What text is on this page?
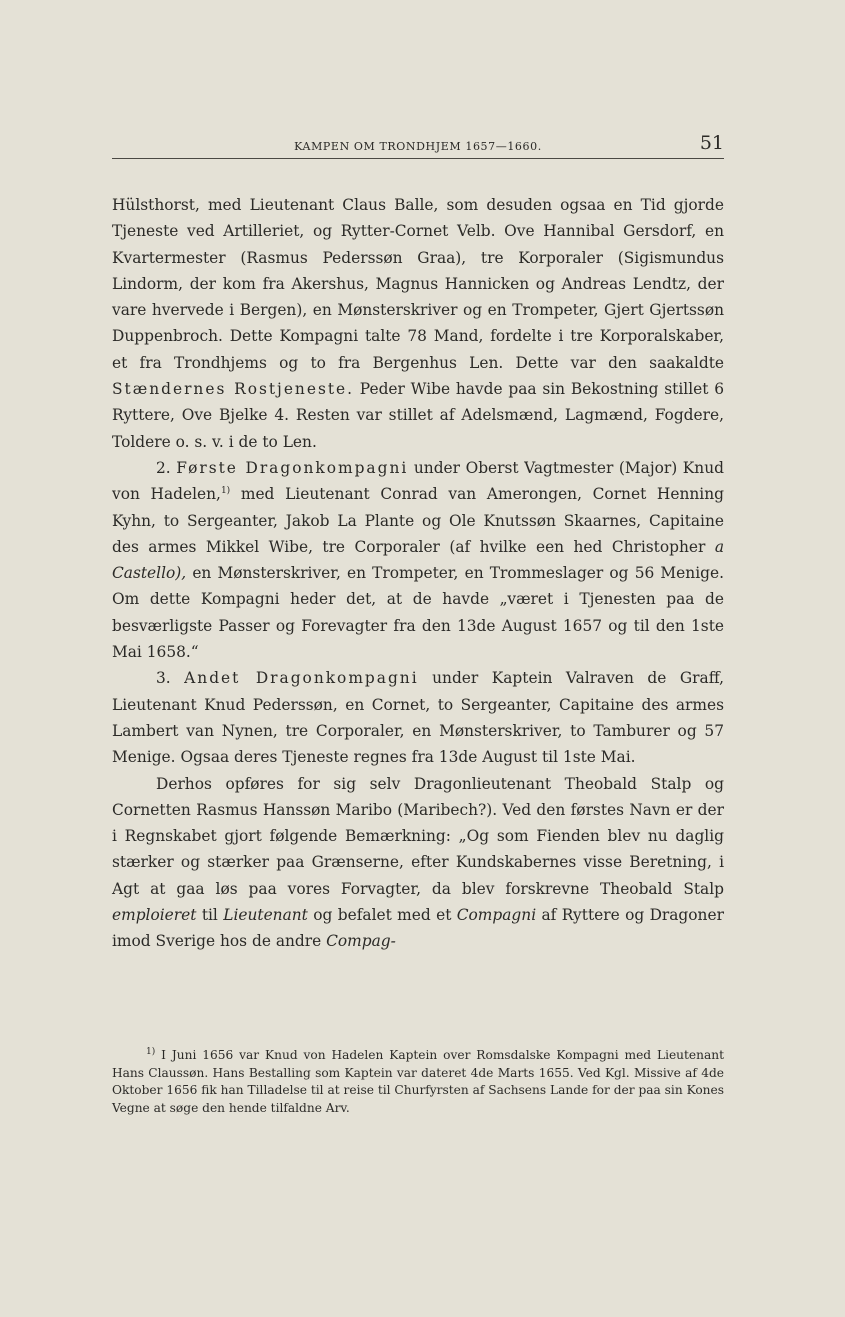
KAMPEN OM TRONDHJEM 1657—1660.	51

Hülsthorst, med Lieutenant Claus Balle, som desuden ogsaa en Tid gjorde Tjeneste ved Artilleriet, og Rytter-Cornet Velb. Ove Hannibal Gersdorf, en Kvartermester (Rasmus Pederssøn Graa), tre Korporaler (Sigismundus Lindorm, der kom fra Akershus, Magnus Hannicken og Andreas Lendtz, der vare hvervede i Bergen), en Mønsterskriver og en Trompeter, Gjert Gjertssøn Duppenbroch. Dette Kompagni talte 78 Mand, fordelte i tre Korporalskaber, et fra Trondhjems og to fra Bergenhus Len. Dette var den saakaldte Stændernes Rostjeneste. Peder Wibe havde paa sin Bekostning stillet 6 Ryttere, Ove Bjelke 4. Resten var stillet af Adelsmænd, Lagmænd, Fogdere, Toldere o. s. v. i de to Len.

2. Første Dragonkompagni under Oberst Vagtmester (Major) Knud von Hadelen,$^{1)}$ med Lieutenant Conrad van Amerongen, Cornet Henning Kyhn, to Sergeanter, Jakob La Plante og Ole Knutssøn Skaarnes, Capitaine des armes Mikkel Wibe, tre Corporaler (af hvilke een hed Christopher a Castello), en Mønsterskriver, en Trompeter, en Trommeslager og 56 Menige. Om dette Kompagni heder det, at de havde „været i Tjenesten paa de besværligste Passer og Forevagter fra den 13de August 1657 og til den 1ste Mai 1658.“

3. Andet Dragonkompagni under Kaptein Valraven de Graff, Lieutenant Knud Pederssøn, en Cornet, to Sergeanter, Capitaine des armes Lambert van Nynen, tre Corporaler, en Mønsterskriver, to Tamburer og 57 Menige. Ogsaa deres Tjeneste regnes fra 13de August til 1ste Mai.

Derhos opføres for sig selv Dragonlieutenant Theobald Stalp og Cornetten Rasmus Hanssøn Maribo (Maribech?). Ved den førstes Navn er der i Regnskabet gjort følgende Bemærkning: „Og som Fienden blev nu daglig stærker og stærker paa Grænserne, efter Kundskabernes visse Beretning, i Agt at gaa løs paa vores Forvagter, da blev forskrevne Theobald Stalp emploieret til Lieutenant og befalet med et Compagni af Ryttere og Dragoner imod Sverige hos de andre Compag-

$^{1)}$ I Juni 1656 var Knud von Hadelen Kaptein over Romsdalske Kompagni med Lieutenant Hans Claussøn. Hans Bestalling som Kaptein var dateret 4de Marts 1655. Ved Kgl. Missive af 4de Oktober 1656 fik han Tilladelse til at reise til Churfyrsten af Sachsens Lande for der paa sin Kones Vegne at søge den hende tilfaldne Arv.
